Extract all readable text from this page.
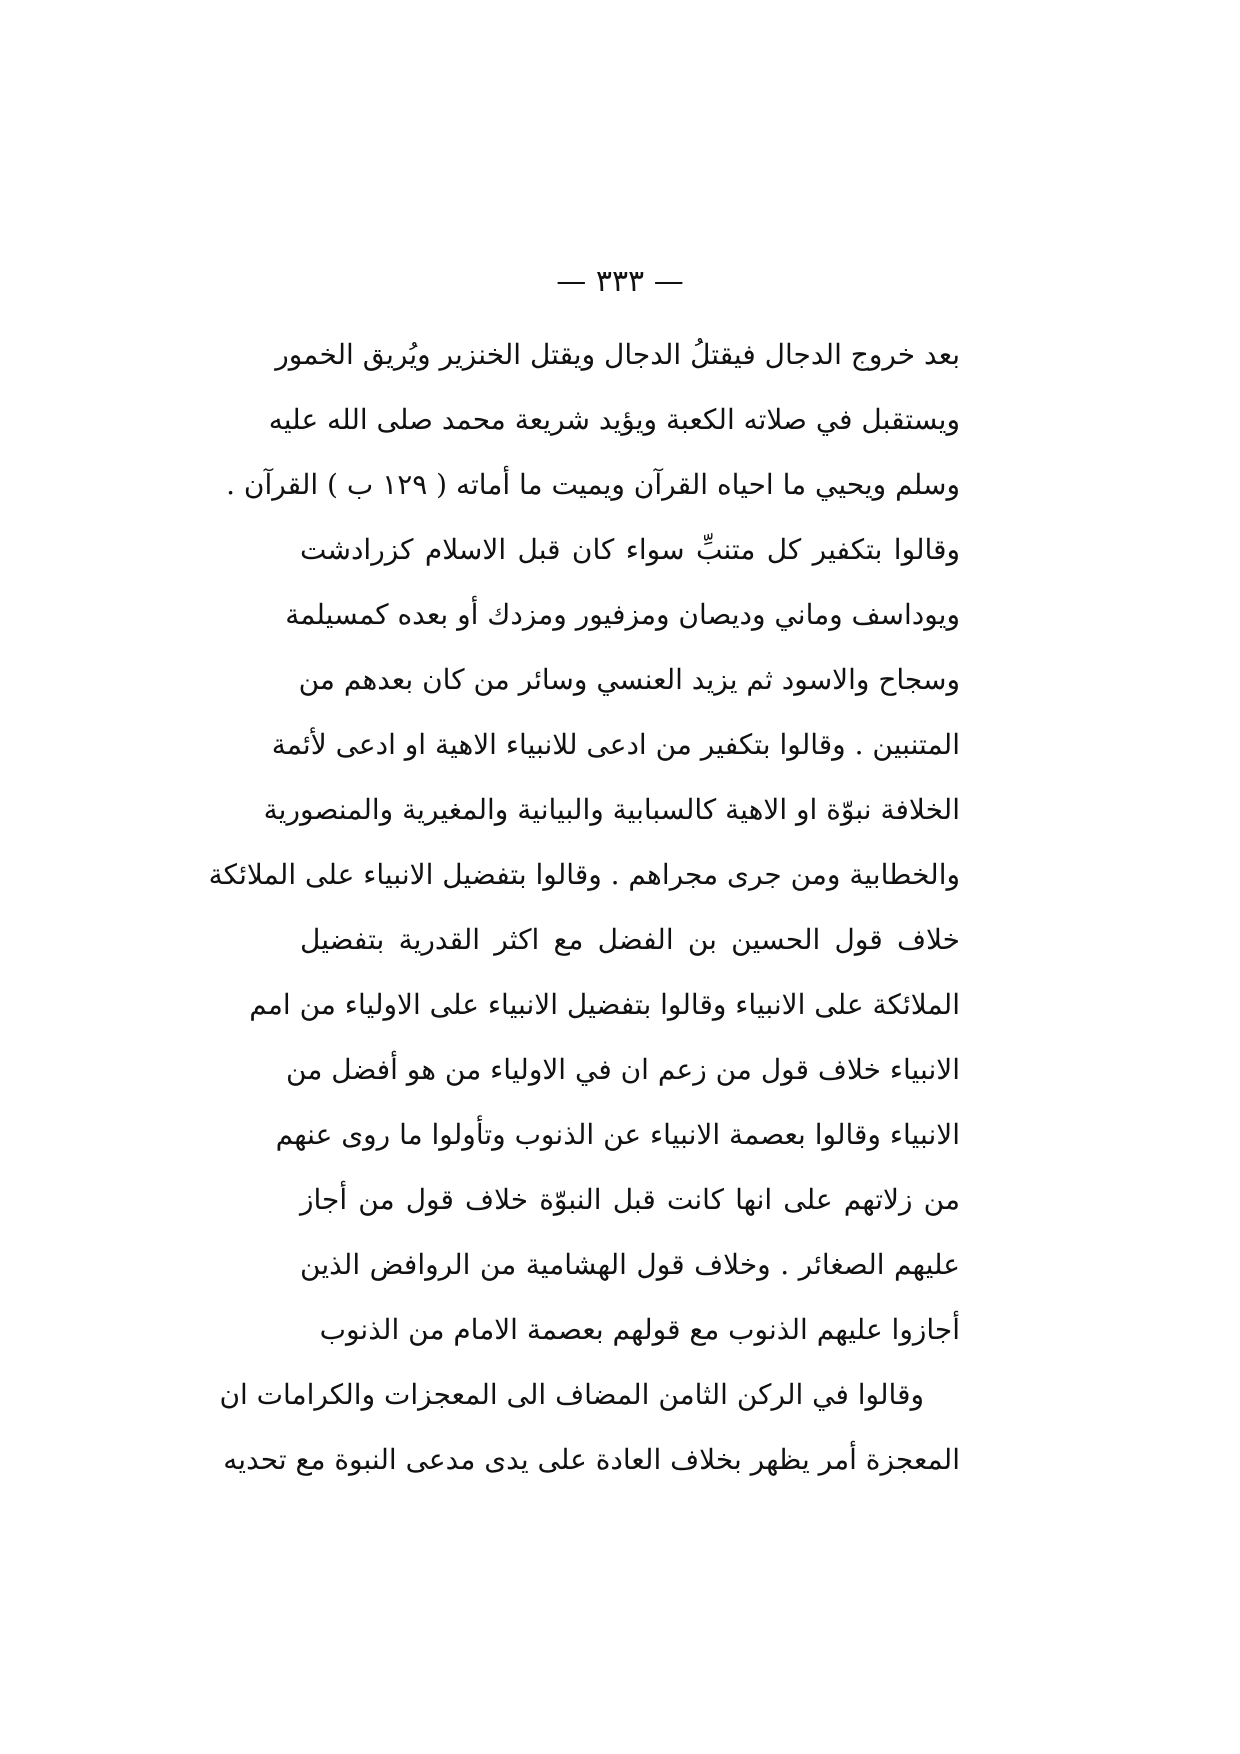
— ٣٣٣ —
بعد خروج الدجال فيقتلُ الدجال ويقتل الخنزير ويُريق الخمور
ويستقبل في صلاته الكعبة ويؤيد شريعة محمد صلى الله عليه
وسلم ويحيي ما احياه القرآن ويميت ما أماته ( ١٢٩ ب ) القرآن .
وقالوا بتكفير كل متنبِّ سواء كان قبل الاسلام كزرادشت
ويوداسف وماني وديصان ومزفيور ومزدك أو بعده كمسيلمة
وسجاح والاسود ثم يزيد العنسي وسائر من كان بعدهم من
المتنبين . وقالوا بتكفير من ادعى للانبياء الاهية او ادعى لأئمة
الخلافة نبوّة او الاهية كالسبابية والبيانية والمغيرية والمنصورية
والخطابية ومن جرى مجراهم . وقالوا بتفضيل الانبياء على الملائكة
خلاف قول الحسين بن الفضل مع اكثر القدرية بتفضيل
الملائكة على الانبياء وقالوا بتفضيل الانبياء على الاولياء من امم
الانبياء خلاف قول من زعم ان في الاولياء من هو أفضل من
الانبياء وقالوا بعصمة الانبياء عن الذنوب وتأولوا ما روى عنهم
من زلاتهم على انها كانت قبل النبوّة خلاف قول من أجاز
عليهم الصغائر . وخلاف قول الهشامية من الروافض الذين
أجازوا عليهم الذنوب مع قولهم بعصمة الامام من الذنوب
وقالوا في الركن الثامن المضاف الى المعجزات والكرامات ان
المعجزة أمر يظهر بخلاف العادة على يدى مدعى النبوة مع تحديه
